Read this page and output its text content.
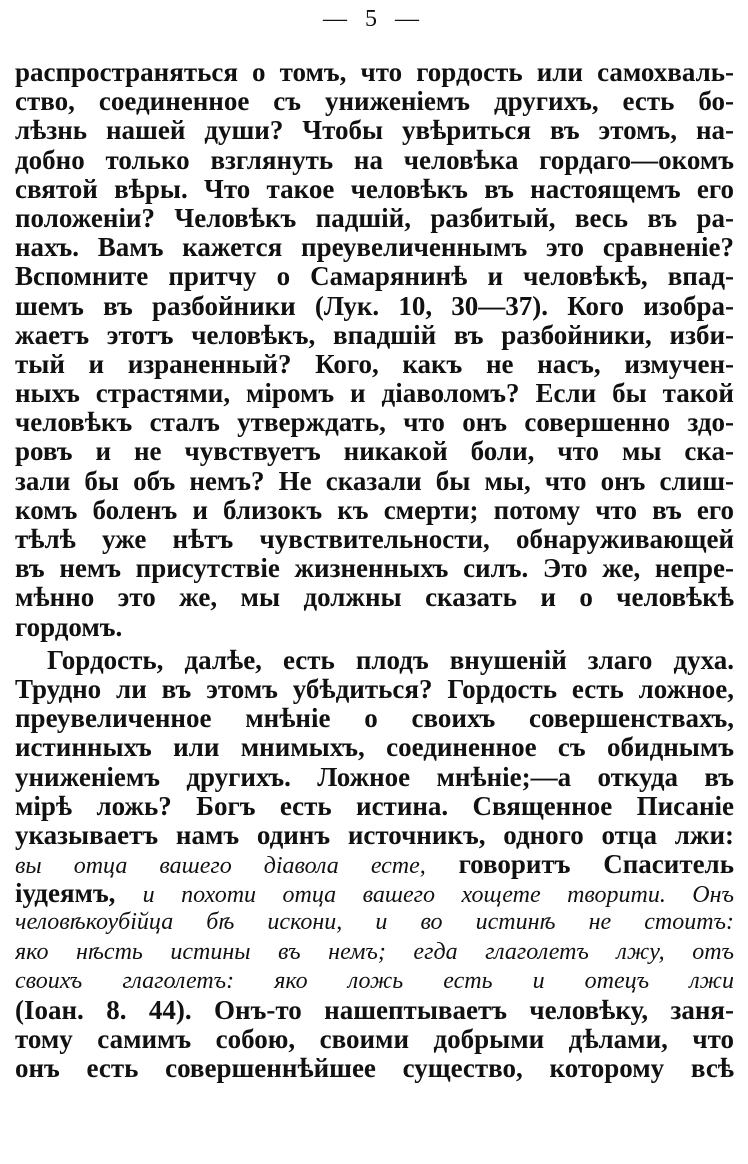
— 5 —
распространяться о томъ, что гордость или самохваль-
ство, соединенное съ униженіемъ другихъ, есть бо-
лѣзнь нашей души? Чтобы увѣриться въ этомъ, на-
добно только взглянуть на человѣка гордаго—окомъ
святой вѣры. Что такое человѣкъ въ настоящемъ его
положеніи? Человѣкъ падшій, разбитый, весь въ ра-
нахъ. Вамъ кажется преувеличеннымъ это сравненіе?
Вспомните притчу о Самарянинѣ и человѣкѣ, впад-
шемъ въ разбойники (Лук. 10, 30—37). Кого изобра-
жаетъ этотъ человѣкъ, впадшій въ разбойники, изби-
тый и израненный? Кого, какъ не насъ, измучен-
ныхъ страстями, міромъ и діаволомъ? Если бы такой
человѣкъ сталъ утверждать, что онъ совершенно здо-
ровъ и не чувствуетъ никакой боли, что мы ска-
зали бы объ немъ? Не сказали бы мы, что онъ слиш-
комъ боленъ и близокъ къ смерти; потому что въ его
тѣлѣ уже нѣтъ чувствительности, обнаруживающей
въ немъ присутствіе жизненныхъ силъ. Это же, непре-
мѣнно это же, мы должны сказать и о человѣкѣ
гордомъ.
Гордость, далѣе, есть плодъ внушеній злаго духа.
Трудно ли въ этомъ убѣдиться? Гордость есть ложное,
преувеличенное мнѣніе о своихъ совершенствахъ,
истинныхъ или мнимыхъ, соединенное съ обиднымъ
униженіемъ другихъ. Ложное мнѣніе;—а откуда въ
мірѣ ложь? Богъ есть истина. Священное Писаніе
указываетъ намъ одинъ источникъ, одного отца лжи:
вы отца вашего діавола есте, говоритъ Спаситель
іудеямъ, и похоти отца вашего хощете творити. Онъ
человѣкоубійца бѣ искони, и во истинѣ не стоитъ:
яко нѣсть истины въ немъ; егда глаголетъ лжу, отъ
своихъ глаголетъ: яко ложь есть и отецъ лжи
(Іоан. 8. 44). Онъ-то нашептываетъ человѣку, заня-
тому самимъ собою, своими добрыми дѣлами, что
онъ есть совершеннѣйшее существо, которому всѣ
